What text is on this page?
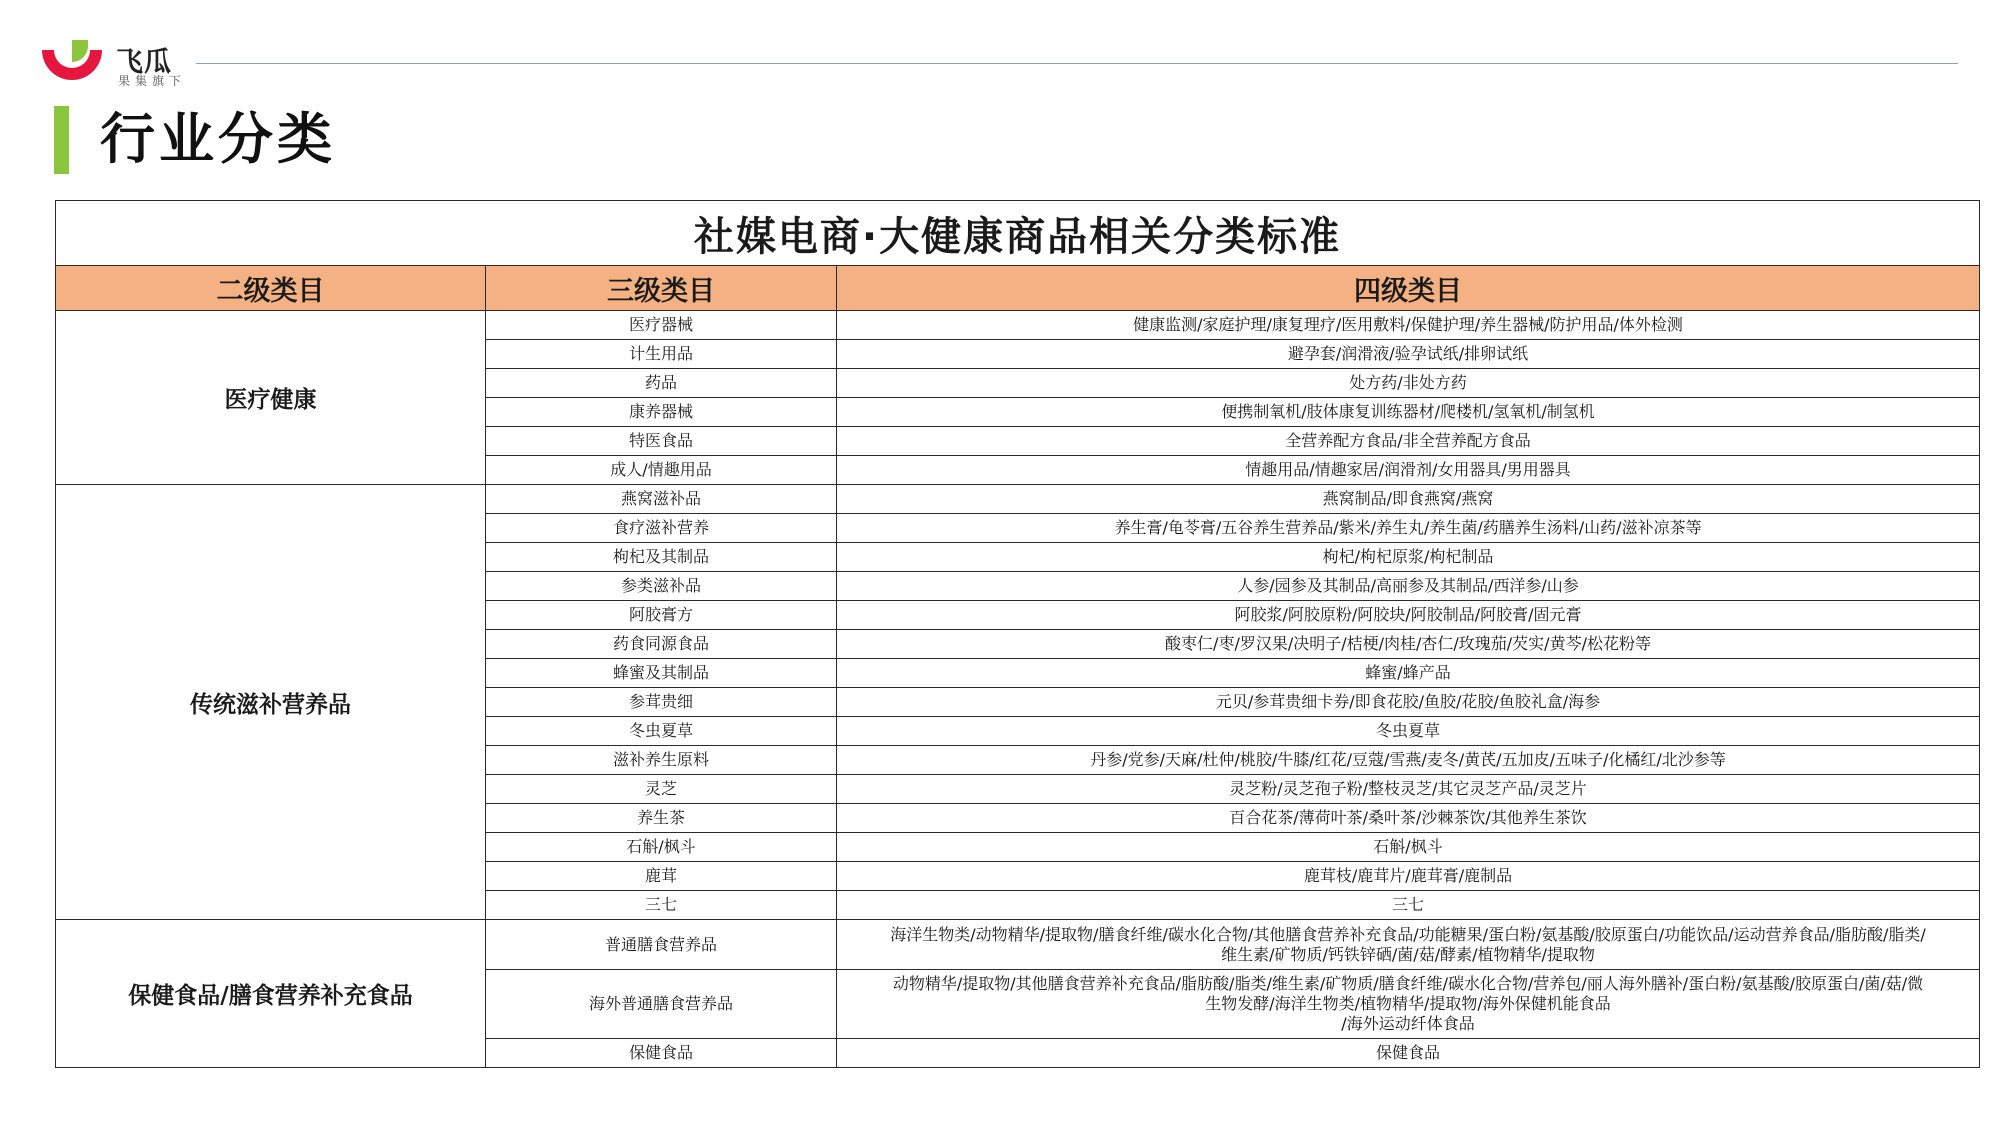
飞瓜
果集旗下
行业分类
社媒电商·大健康商品相关分类标准		
二级类目	三级类目	四级类目
医疗健康	医疗器械	健康监测/家庭护理/康复理疗/医用敷料/保健护理/养生器械/防护用品/体外检测
	计生用品	避孕套/润滑液/验孕试纸/排卵试纸
	药品	处方药/非处方药
	康养器械	便携制氧机/肢体康复训练器材/爬楼机/氢氧机/制氢机
	特医食品	全营养配方食品/非全营养配方食品
	成人/情趣用品	情趣用品/情趣家居/润滑剂/女用器具/男用器具
传统滋补营养品	燕窝滋补品	燕窝制品/即食燕窝/燕窝
	食疗滋补营养	养生膏/龟苓膏/五谷养生营养品/紫米/养生丸/养生菌/药膳养生汤料/山药/滋补凉茶等
	枸杞及其制品	枸杞/枸杞原浆/枸杞制品
	参类滋补品	人参/园参及其制品/高丽参及其制品/西洋参/山参
	阿胶膏方	阿胶浆/阿胶原粉/阿胶块/阿胶制品/阿胶膏/固元膏
	药食同源食品	酸枣仁/枣/罗汉果/决明子/桔梗/肉桂/杏仁/玫瑰茄/芡实/黄芩/松花粉等
	蜂蜜及其制品	蜂蜜/蜂产品
	参茸贵细	元贝/参茸贵细卡券/即食花胶/鱼胶/花胶/鱼胶礼盒/海参
	冬虫夏草	冬虫夏草
	滋补养生原料	丹参/党参/天麻/杜仲/桃胶/牛膝/红花/豆蔻/雪燕/麦冬/黄芪/五加皮/五味子/化橘红/北沙参等
	灵芝	灵芝粉/灵芝孢子粉/整枝灵芝/其它灵芝产品/灵芝片
	养生茶	百合花茶/薄荷叶茶/桑叶茶/沙棘茶饮/其他养生茶饮
	石斛/枫斗	石斛/枫斗
	鹿茸	鹿茸枝/鹿茸片/鹿茸膏/鹿制品
	三七	三七
保健食品/膳食营养补充食品	普通膳食营养品	海洋生物类/动物精华/提取物/膳食纤维/碳水化合物/其他膳食营养补充食品/功能糖果/蛋白粉/氨基酸/胶原蛋白/功能饮品/运动营养食品/脂肪酸/脂类/
维生素/矿物质/钙铁锌硒/菌/菇/酵素/植物精华/提取物

	海外普通膳食营养品	动物精华/提取物/其他膳食营养补充食品/脂肪酸/脂类/维生素/矿物质/膳食纤维/碳水化合物/营养包/丽人海外膳补/蛋白粉/氨基酸/胶原蛋白/菌/菇/微
生物发酵/海洋生物类/植物精华/提取物/海外保健机能食品
/海外运动纤体食品

	保健食品	保健食品
